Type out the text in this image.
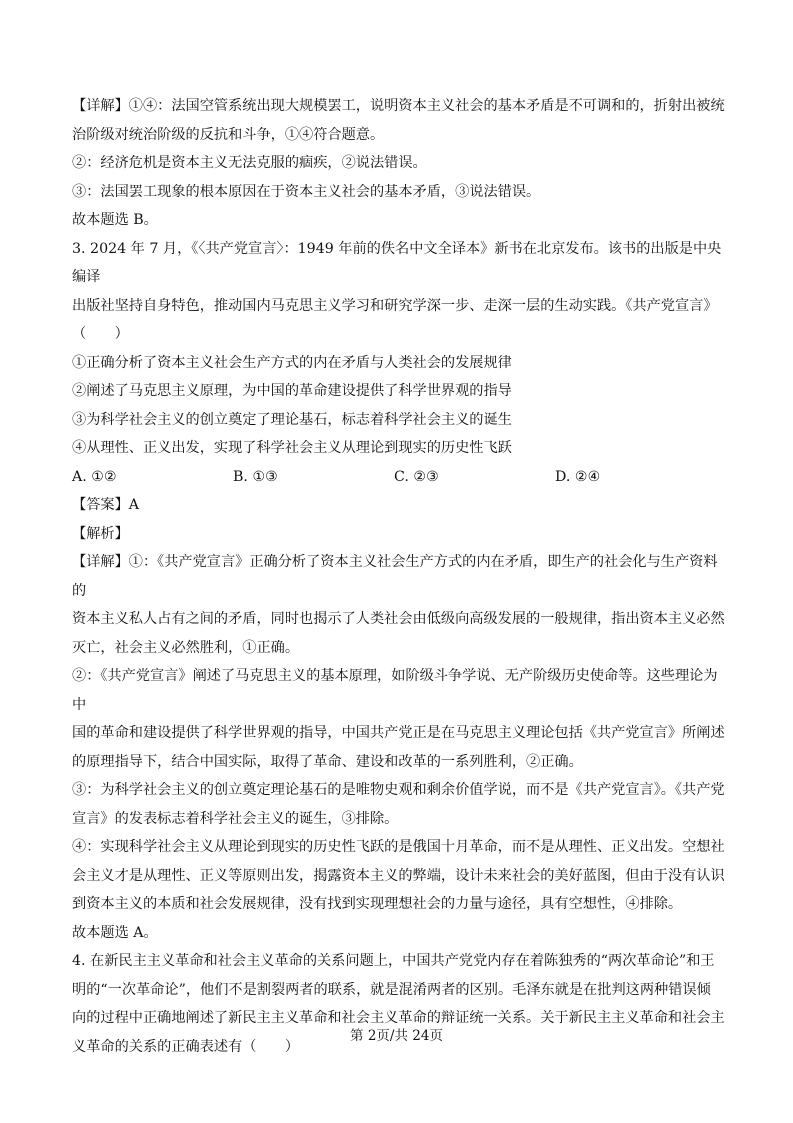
【详解】①④：法国空管系统出现大规模罢工，说明资本主义社会的基本矛盾是不可调和的，折射出被统

治阶级对统治阶级的反抗和斗争，①④符合题意。

②：经济危机是资本主义无法克服的痼疾，②说法错误。

③：法国罢工现象的根本原因在于资本主义社会的基本矛盾，③说法错误。

故本题选 B。

3. 2024 年 7 月，《〈共产党宣言〉：1949 年前的佚名中文全译本》新书在北京发布。该书的出版是中央编译

出版社坚持自身特色，推动国内马克思主义学习和研究学深一步、走深一层的生动实践。《共产党宣言》（　　）

①正确分析了资本主义社会生产方式的内在矛盾与人类社会的发展规律

②阐述了马克思主义原理，为中国的革命建设提供了科学世界观的指导

③为科学社会主义的创立奠定了理论基石，标志着科学社会主义的诞生

④从理性、正义出发，实现了科学社会主义从理论到现实的历史性飞跃

A. ①②	B. ①③	C. ②③	D. ②④

【答案】A

【解析】

【详解】①：《共产党宣言》正确分析了资本主义社会生产方式的内在矛盾，即生产的社会化与生产资料的

资本主义私人占有之间的矛盾，同时也揭示了人类社会由低级向高级发展的一般规律，指出资本主义必然

灭亡，社会主义必然胜利，①正确。

②：《共产党宣言》阐述了马克思主义的基本原理，如阶级斗争学说、无产阶级历史使命等。这些理论为中

国的革命和建设提供了科学世界观的指导，中国共产党正是在马克思主义理论包括《共产党宣言》所阐述

的原理指导下，结合中国实际，取得了革命、建设和改革的一系列胜利，②正确。

③：为科学社会主义的创立奠定理论基石的是唯物史观和剩余价值学说，而不是《共产党宣言》。《共产党

宣言》的发表标志着科学社会主义的诞生，③排除。

④：实现科学社会主义从理论到现实的历史性飞跃的是俄国十月革命，而不是从理性、正义出发。空想社

会主义才是从理性、正义等原则出发，揭露资本主义的弊端，设计未来社会的美好蓝图，但由于没有认识

到资本主义的本质和社会发展规律，没有找到实现理想社会的力量与途径，具有空想性，④排除。

故本题选 A。

4. 在新民主主义革命和社会主义革命的关系问题上，中国共产党党内存在着陈独秀的“两次革命论”和王

明的“一次革命论”，他们不是割裂两者的联系，就是混淆两者的区别。毛泽东就是在批判这两种错误倾

向的过程中正确地阐述了新民主主义革命和社会主义革命的辩证统一关系。关于新民主主义革命和社会主

义革命的关系的正确表述有（　　）

第 2页/共 24页
